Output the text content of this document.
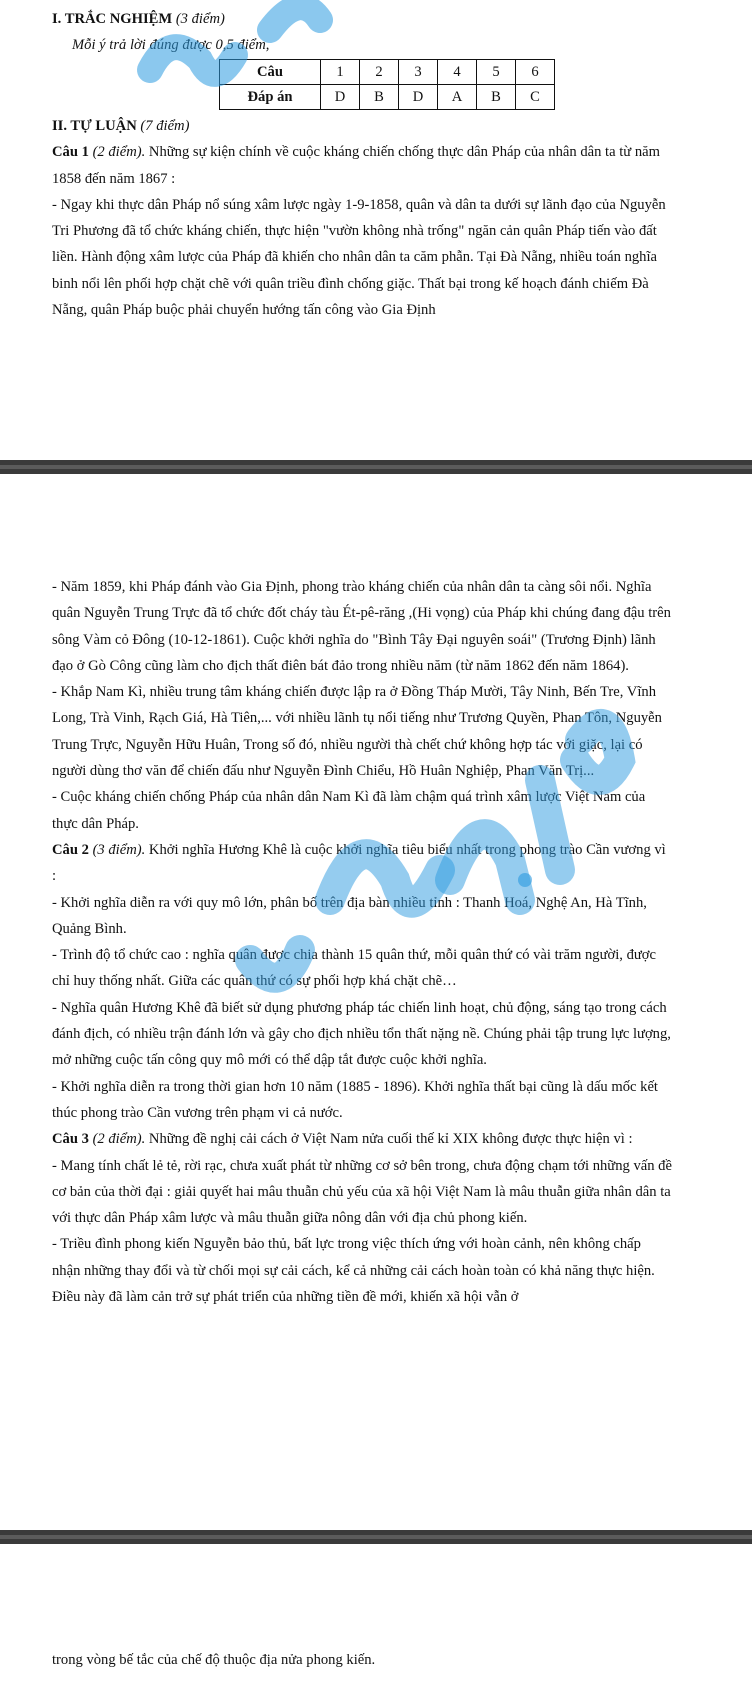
I. TRẮC NGHIỆM (3 điểm)

Mỗi ý trả lời đúng được 0,5 điểm,

Câu	1	2	3	4	5	6
Đáp án	D	B	D	A	B	C

II. TỰ LUẬN (7 điểm)

Câu 1 (2 điểm). Những sự kiện chính về cuộc kháng chiến chống thực dân Pháp của nhân dân ta từ năm 1858 đến năm 1867 :

- Ngay khi thực dân Pháp nổ súng xâm lược ngày 1-9-1858, quân và dân ta dưới sự lãnh đạo của Nguyễn Tri Phương đã tổ chức kháng chiến, thực hiện "vườn không nhà trống" ngăn cản quân Pháp tiến vào đất liền. Hành động xâm lược của Pháp đã khiến cho nhân dân ta căm phẫn. Tại Đà Nẵng, nhiều toán nghĩa binh nổi lên phối hợp chặt chẽ với quân triều đình chống giặc. Thất bại trong kế hoạch đánh chiếm Đà Nẵng, quân Pháp buộc phải chuyển hướng tấn công vào Gia Định

- Năm 1859, khi Pháp đánh vào Gia Định, phong trào kháng chiến của nhân dân ta càng sôi nổi. Nghĩa quân Nguyễn Trung Trực đã tổ chức đốt cháy tàu Ét-pê-răng ,(Hi vọng) của Pháp khi chúng đang đậu trên sông Vàm cỏ Đông (10-12-1861). Cuộc khởi nghĩa do "Bình Tây Đại nguyên soái" (Trương Định) lãnh đạo ở Gò Công cũng làm cho địch thất điên bát đảo trong nhiều năm (từ năm 1862 đến năm 1864).

- Khắp Nam Kì, nhiều trung tâm kháng chiến được lập ra ở Đồng Tháp Mười, Tây Ninh, Bến Tre, Vĩnh Long, Trà Vinh, Rạch Giá, Hà Tiên,... với nhiều lãnh tụ nổi tiếng như Trương Quyền, Phan Tôn, Nguyễn Trung Trực, Nguyễn Hữu Huân, Trong số đó, nhiều người thà chết chứ không hợp tác với giặc, lại có người dùng thơ văn để chiến đấu như Nguyễn Đình Chiểu, Hồ Huân Nghiệp, Phan Văn Trị...

- Cuộc kháng chiến chống Pháp của nhân dân Nam Kì đã làm chậm quá trình xâm lược Việt Nam của thực dân Pháp.

Câu 2 (3 điểm). Khởi nghĩa Hương Khê là cuộc khởi nghĩa tiêu biểu nhất trong phong trào Cần vương vì :

- Khởi nghĩa diễn ra với quy mô lớn, phân bố trên địa bàn nhiều tỉnh : Thanh Hoá, Nghệ An, Hà Tĩnh, Quảng Bình.

- Trình độ tổ chức cao : nghĩa quân được chia thành 15 quân thứ, mỗi quân thứ có vài trăm người, được chỉ huy thống nhất. Giữa các quân thứ có sự phối hợp khá chặt chẽ…

- Nghĩa quân Hương Khê đã biết sử dụng phương pháp tác chiến linh hoạt, chủ động, sáng tạo trong cách đánh địch, có nhiều trận đánh lớn và gây cho địch nhiều tổn thất nặng nề. Chúng phải tập trung lực lượng, mở những cuộc tấn công quy mô mới có thể dập tắt được cuộc khởi nghĩa.

- Khởi nghĩa diễn ra trong thời gian hơn 10 năm (1885 - 1896). Khởi nghĩa thất bại cũng là dấu mốc kết thúc phong trào Cần vương trên phạm vi cả nước.

Câu 3 (2 điểm). Những đề nghị cải cách ở Việt Nam nửa cuối thế kỉ XIX không được thực hiện vì :

- Mang tính chất lẻ tẻ, rời rạc, chưa xuất phát từ những cơ sở bên trong, chưa động chạm tới những vấn đề cơ bản của thời đại : giải quyết hai mâu thuẫn chủ yếu của xã hội Việt Nam là mâu thuẫn giữa nhân dân ta với thực dân Pháp xâm lược và mâu thuẫn giữa nông dân với địa chủ phong kiến.

- Triều đình phong kiến Nguyễn bảo thủ, bất lực trong việc thích ứng với hoàn cảnh, nên không chấp nhận những thay đổi và từ chối mọi sự cải cách, kể cả những cải cách hoàn toàn có khả năng thực hiện. Điều này đã làm cản trở sự phát triển của những tiền đề mới, khiến xã hội vẫn ở

trong vòng bế tắc của chế độ thuộc địa nửa phong kiến.
